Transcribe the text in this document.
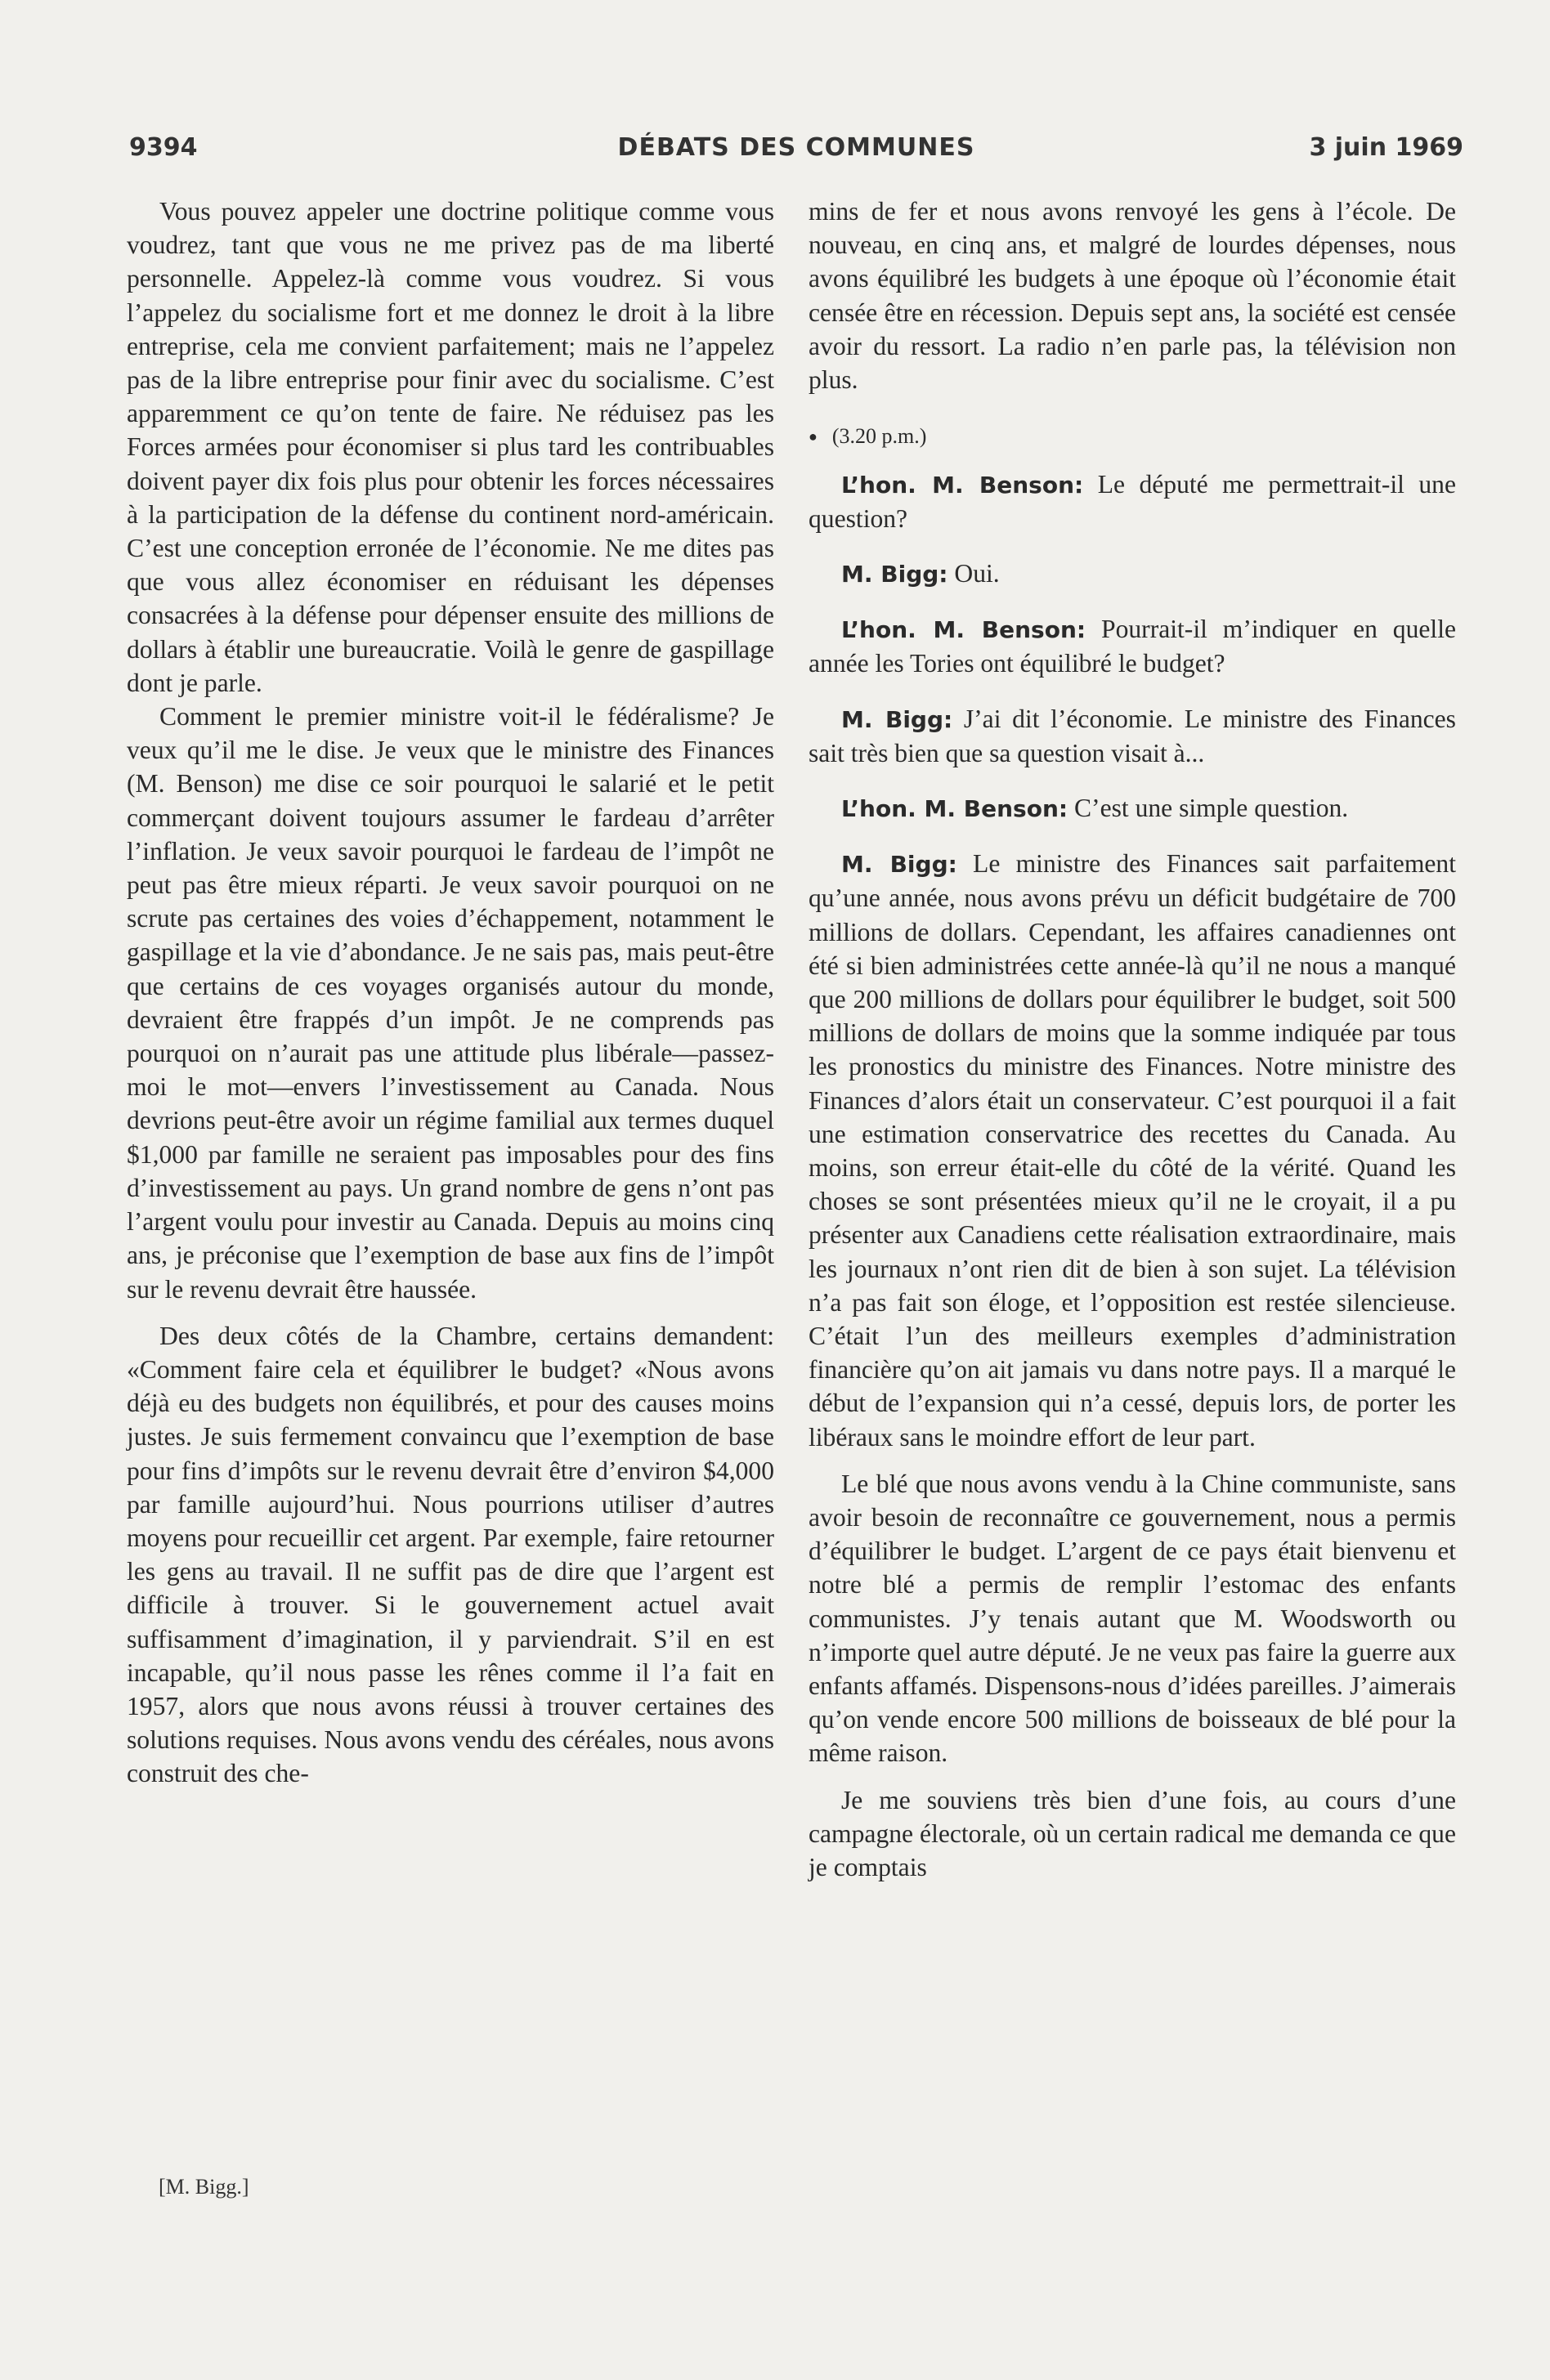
9394	DÉBATS DES COMMUNES	3 juin 1969

Vous pouvez appeler une doctrine politique comme vous voudrez, tant que vous ne me privez pas de ma liberté personnelle. Appelez-là comme vous voudrez. Si vous l’appelez du socialisme fort et me donnez le droit à la libre entreprise, cela me convient parfaitement; mais ne l’appelez pas de la libre entreprise pour finir avec du socialisme. C’est apparemment ce qu’on tente de faire. Ne réduisez pas les Forces armées pour économiser si plus tard les contribuables doivent payer dix fois plus pour obtenir les forces nécessaires à la participation de la défense du continent nord-américain. C’est une conception erronée de l’économie. Ne me dites pas que vous allez économiser en réduisant les dépenses consacrées à la défense pour dépenser ensuite des millions de dollars à établir une bureaucratie. Voilà le genre de gaspillage dont je parle.

Comment le premier ministre voit-il le fédéralisme? Je veux qu’il me le dise. Je veux que le ministre des Finances (M. Benson) me dise ce soir pourquoi le salarié et le petit commerçant doivent toujours assumer le fardeau d’arrêter l’inflation. Je veux savoir pourquoi le fardeau de l’impôt ne peut pas être mieux réparti. Je veux savoir pourquoi on ne scrute pas certaines des voies d’échappement, notamment le gaspillage et la vie d’abondance. Je ne sais pas, mais peut-être que certains de ces voyages organisés autour du monde, devraient être frappés d’un impôt. Je ne comprends pas pourquoi on n’aurait pas une attitude plus libérale—passez-moi le mot—envers l’investissement au Canada. Nous devrions peut-être avoir un régime familial aux termes duquel $1,000 par famille ne seraient pas imposables pour des fins d’investissement au pays. Un grand nombre de gens n’ont pas l’argent voulu pour investir au Canada. Depuis au moins cinq ans, je préconise que l’exemption de base aux fins de l’impôt sur le revenu devrait être haussée.

Des deux côtés de la Chambre, certains demandent: «Comment faire cela et équilibrer le budget? «Nous avons déjà eu des budgets non équilibrés, et pour des causes moins justes. Je suis fermement convaincu que l’exemption de base pour fins d’impôts sur le revenu devrait être d’environ $4,000 par famille aujourd’hui. Nous pourrions utiliser d’autres moyens pour recueillir cet argent. Par exemple, faire retourner les gens au travail. Il ne suffit pas de dire que l’argent est difficile à trouver. Si le gouvernement actuel avait suffisamment d’imagination, il y parviendrait. S’il en est incapable, qu’il nous passe les rênes comme il l’a fait en 1957, alors que nous avons réussi à trouver certaines des solutions requises. Nous avons vendu des céréales, nous avons construit des che-

mins de fer et nous avons renvoyé les gens à l’école. De nouveau, en cinq ans, et malgré de lourdes dépenses, nous avons équilibré les budgets à une époque où l’économie était censée être en récession. Depuis sept ans, la société est censée avoir du ressort. La radio n’en parle pas, la télévision non plus.

● (3.20 p.m.)

L’hon. M. Benson: Le député me permettrait-il une question?

M. Bigg: Oui.

L’hon. M. Benson: Pourrait-il m’indiquer en quelle année les Tories ont équilibré le budget?

M. Bigg: J’ai dit l’économie. Le ministre des Finances sait très bien que sa question visait à...

L’hon. M. Benson: C’est une simple question.

M. Bigg: Le ministre des Finances sait parfaitement qu’une année, nous avons prévu un déficit budgétaire de 700 millions de dollars. Cependant, les affaires canadiennes ont été si bien administrées cette année-là qu’il ne nous a manqué que 200 millions de dollars pour équilibrer le budget, soit 500 millions de dollars de moins que la somme indiquée par tous les pronostics du ministre des Finances. Notre ministre des Finances d’alors était un conservateur. C’est pourquoi il a fait une estimation conservatrice des recettes du Canada. Au moins, son erreur était-elle du côté de la vérité. Quand les choses se sont présentées mieux qu’il ne le croyait, il a pu présenter aux Canadiens cette réalisation extraordinaire, mais les journaux n’ont rien dit de bien à son sujet. La télévision n’a pas fait son éloge, et l’opposition est restée silencieuse. C’était l’un des meilleurs exemples d’administration financière qu’on ait jamais vu dans notre pays. Il a marqué le début de l’expansion qui n’a cessé, depuis lors, de porter les libéraux sans le moindre effort de leur part.

Le blé que nous avons vendu à la Chine communiste, sans avoir besoin de reconnaître ce gouvernement, nous a permis d’équilibrer le budget. L’argent de ce pays était bienvenu et notre blé a permis de remplir l’estomac des enfants communistes. J’y tenais autant que M. Woodsworth ou n’importe quel autre député. Je ne veux pas faire la guerre aux enfants affamés. Dispensons-nous d’idées pareilles. J’aimerais qu’on vende encore 500 millions de boisseaux de blé pour la même raison.

Je me souviens très bien d’une fois, au cours d’une campagne électorale, où un certain radical me demanda ce que je comptais

[M. Bigg.]
